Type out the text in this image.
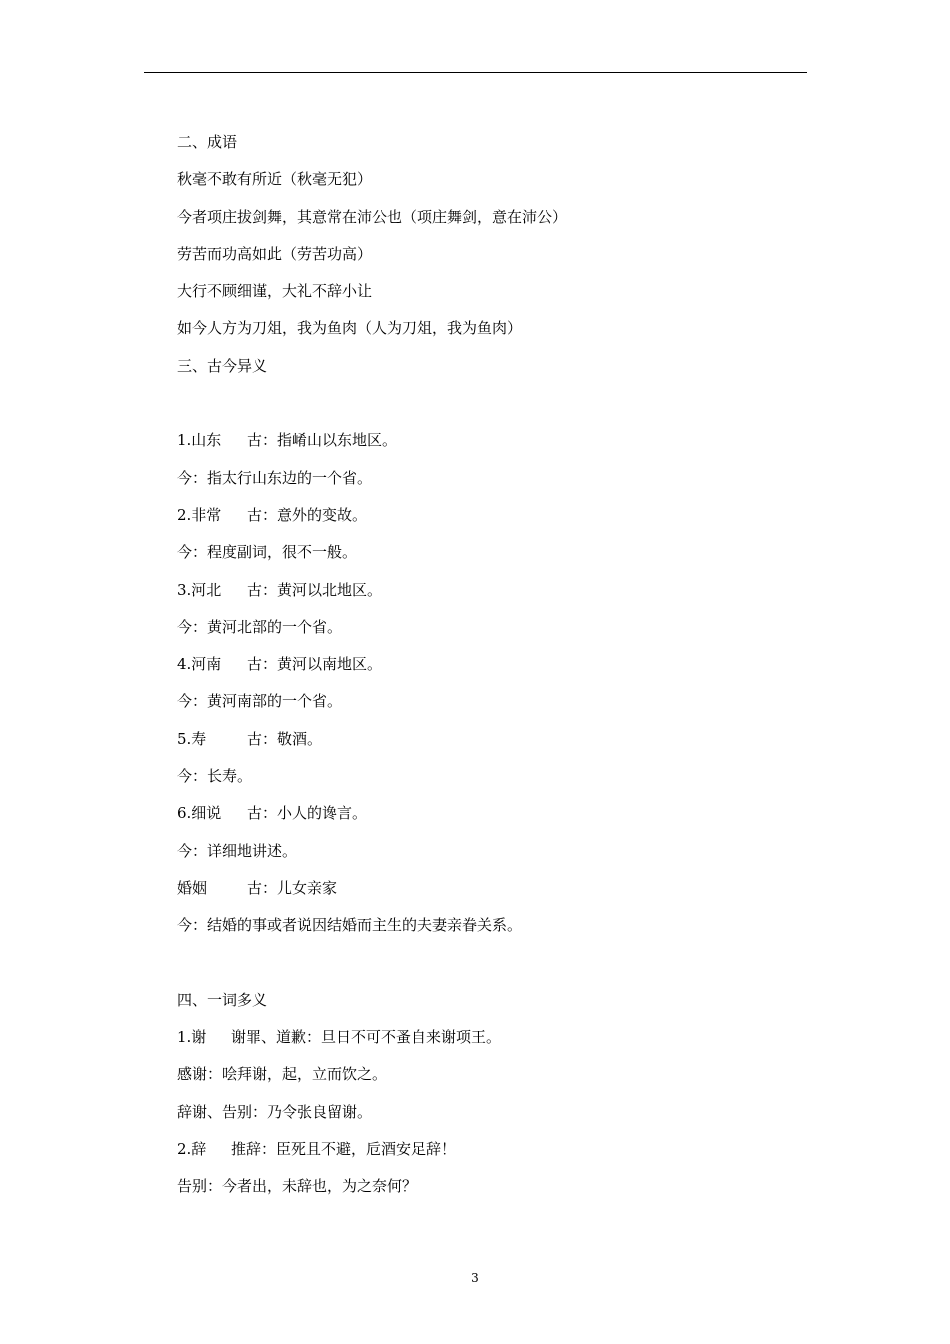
二、成语
秋毫不敢有所近（秋毫无犯）
今者项庄拔剑舞，其意常在沛公也（项庄舞剑，意在沛公）
劳苦而功高如此（劳苦功高）
大行不顾细谨，大礼不辞小让
如今人方为刀俎，我为鱼肉（人为刀俎，我为鱼肉）
三、古今异义
1.山东 古：指崤山以东地区。
今：指太行山东边的一个省。
2.非常 古：意外的变故。
今：程度副词，很不一般。
3.河北 古：黄河以北地区。
今：黄河北部的一个省。
4.河南 古：黄河以南地区。
今：黄河南部的一个省。
5.寿	古：敬酒。
今：长寿。
6.细说 古：小人的谗言。
今：详细地讲述。
婚姻	古：儿女亲家
今：结婚的事或者说因结婚而主生的夫妻亲眷关系。
四、一词多义
1.谢 谢罪、道歉：旦日不可不蚤自来谢项王。
感谢：哙拜谢，起，立而饮之。
辞谢、告别：乃令张良留谢。
2.辞 推辞：臣死且不避，卮酒安足辞！
告别：今者出，未辞也，为之奈何？
3
